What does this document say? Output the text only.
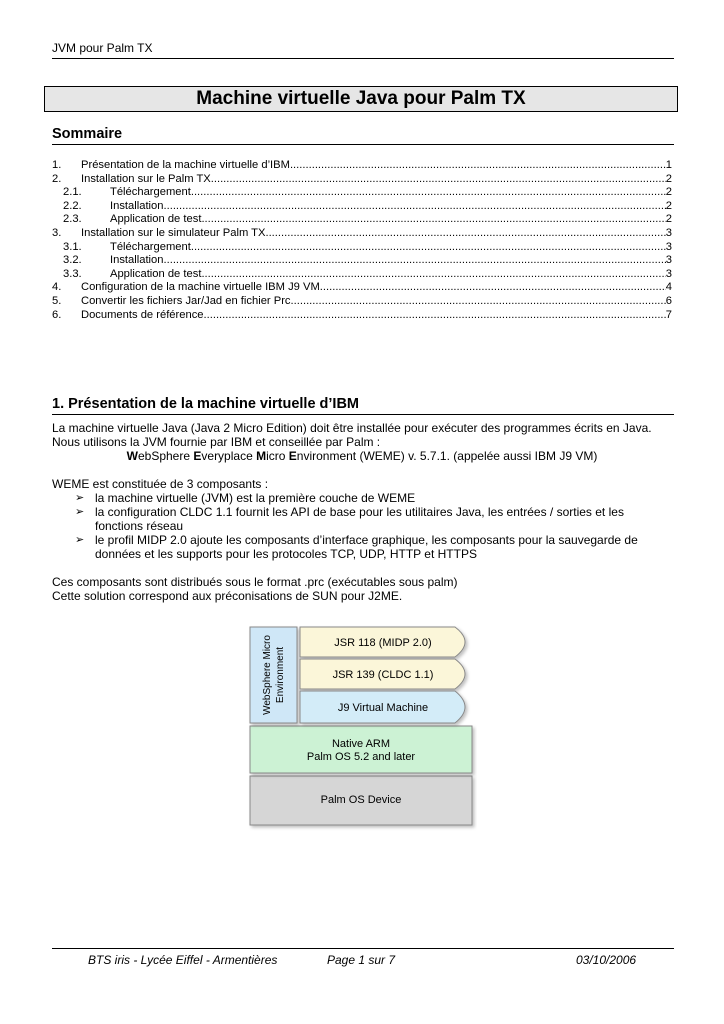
JVM pour Palm TX
Machine virtuelle Java pour Palm TX
Sommaire
1.	Présentation de la machine virtuelle d’IBM .....	1
2.	Installation sur le Palm TX .....	2
2.1.	Téléchargement .....	2
2.2.	Installation .....	2
2.3.	Application de test .....	2
3.	Installation sur le simulateur Palm TX .....	3
3.1.	Téléchargement .....	3
3.2.	Installation .....	3
3.3.	Application de test .....	3
4.	Configuration de la machine virtuelle IBM J9 VM .....	4
5.	Convertir les fichiers Jar/Jad en fichier Prc .....	6
6.	Documents de référence .....	7
1. Présentation de la machine virtuelle d’IBM
La machine virtuelle Java (Java 2 Micro Edition) doit être installée pour exécuter des programmes écrits en Java.
Nous utilisons la JVM fournie par IBM et conseillée par Palm :
WebSphere Everyplace Micro Environment (WEME) v. 5.7.1. (appelée aussi IBM J9 VM)
WEME est constituée de 3 composants :
➢ la machine virtuelle (JVM) est la première couche de WEME
➢ la configuration CLDC 1.1 fournit les API de base pour les utilitaires Java, les entrées / sorties et les fonctions réseau
➢ le profil MIDP 2.0 ajoute les composants d’interface graphique, les composants pour la sauvegarde de données et les supports pour les protocoles TCP, UDP, HTTP et HTTPS
Ces composants sont distribués sous le format .prc (exécutables sous palm)
Cette solution correspond aux préconisations de SUN pour J2ME.
Palm OS Device
Native ARM
Palm OS 5.2 and later
WebSphere Micro Environment
JSR 118 (MIDP 2.0)
JSR 139 (CLDC 1.1)
J9 Virtual Machine
BTS iris - Lycée Eiffel - Armentières	Page 1 sur 7	03/10/2006
